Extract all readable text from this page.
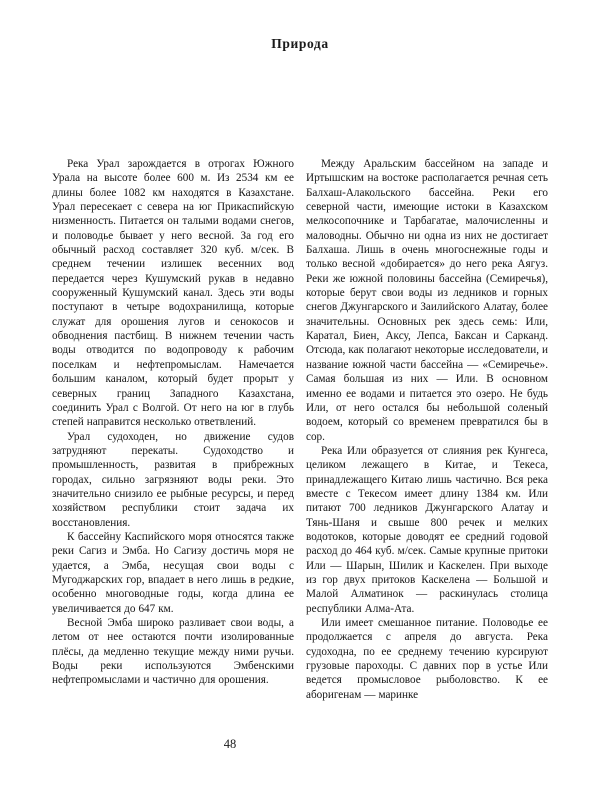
Природа

Река Урал зарождается в отрогах Южного Урала на высоте более 600 м. Из 2534 км ее длины более 1082 км находятся в Казахстане. Урал пересекает с севера на юг Прикаспийскую низменность. Питается он талыми водами снегов, и половодье бывает у него весной. За год его обычный расход составляет 320 куб. м/сек. В среднем течении излишек весенних вод передается через Кушумский рукав в недавно сооруженный Кушумский канал. Здесь эти воды поступают в четыре водохранилища, которые служат для орошения лугов и сенокосов и обводнения пастбищ. В нижнем течении часть воды отводится по водопроводу к рабочим поселкам и нефтепромыслам. Намечается большим каналом, который будет прорыт у северных границ Западного Казахстана, соединить Урал с Волгой. От него на юг в глубь степей направится несколько ответвлений.

Урал судоходен, но движение судов затрудняют перекаты. Судоходство и промышленность, развитая в прибрежных городах, сильно загрязняют воды реки. Это значительно снизило ее рыбные ресурсы, и перед хозяйством республики стоит задача их восстановления.

К бассейну Каспийского моря относятся также реки Сагиз и Эмба. Но Сагизу достичь моря не удается, а Эмба, несущая свои воды с Мугоджарских гор, впадает в него лишь в редкие, особенно многоводные годы, когда длина ее увеличивается до 647 км.

Весной Эмба широко разливает свои воды, а летом от нее остаются почти изолированные плёсы, да медленно текущие между ними ручьи. Воды реки используются Эмбенскими нефтепромыслами и частично для орошения.

Между Аральским бассейном на западе и Иртышским на востоке располагается речная сеть Балхаш-Алакольского бассейна. Реки его северной части, имеющие истоки в Казахском мелкосопочнике и Тарбагатае, малочисленны и маловодны. Обычно ни одна из них не достигает Балхаша. Лишь в очень многоснежные годы и только весной «добирается» до него река Аягуз. Реки же южной половины бассейна (Семиречья), которые берут свои воды из ледников и горных снегов Джунгарского и Заилийского Алатау, более значительны. Основных рек здесь семь: Или, Каратал, Биен, Аксу, Лепса, Баксан и Сарканд. Отсюда, как полагают некоторые исследователи, и название южной части бассейна — «Семиречье». Самая большая из них — Или. В основном именно ее водами и питается это озеро. Не будь Или, от него остался бы небольшой соленый водоем, который со временем превратился бы в сор.

Река Или образуется от слияния рек Кунгеса, целиком лежащего в Китае, и Текеса, принадлежащего Китаю лишь частично. Вся река вместе с Текесом имеет длину 1384 км. Или питают 700 ледников Джунгарского Алатау и Тянь-Шаня и свыше 800 речек и мелких водотоков, которые доводят ее средний годовой расход до 464 куб. м/сек. Самые крупные притоки Или — Шарын, Шилик и Каскелен. При выходе из гор двух притоков Каскелена — Большой и Малой Алматинок — раскинулась столица республики Алма-Ата.

Или имеет смешанное питание. Половодье ее продолжается с апреля до августа. Река судоходна, по ее среднему течению курсируют грузовые пароходы. С давних пор в устье Или ведется промысловое рыболовство. К ее аборигенам — маринке

48
